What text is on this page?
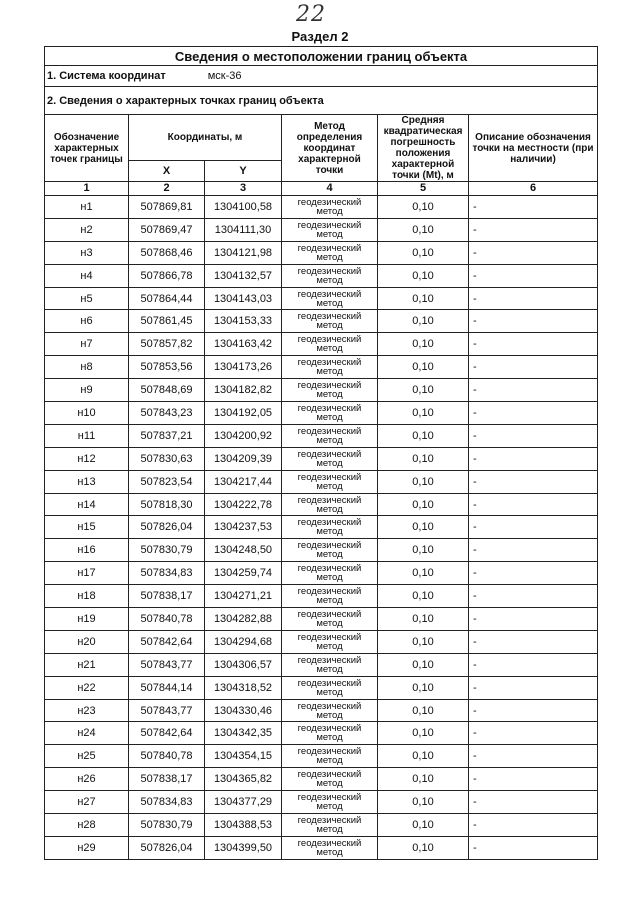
22
Раздел 2
Сведения о местоположении границ объекта					
1. Система координат мск-36					
2. Сведения о характерных точках границ объекта					
Обозначение характерных точек границы	Координаты, м		Метод определения координат характерной точки	Средняя квадратическая погрешность положения характерной точки (Mt), м	Описание обозначения точки на местности (при наличии)
	X	Y			
1	2	3	4	5	6
н1	507869,81	1304100,58	геодезический метод	0,10	-
н2	507869,47	1304111,30	геодезический метод	0,10	-
н3	507868,46	1304121,98	геодезический метод	0,10	-
н4	507866,78	1304132,57	геодезический метод	0,10	-
н5	507864,44	1304143,03	геодезический метод	0,10	-
н6	507861,45	1304153,33	геодезический метод	0,10	-
н7	507857,82	1304163,42	геодезический метод	0,10	-
н8	507853,56	1304173,26	геодезический метод	0,10	-
н9	507848,69	1304182,82	геодезический метод	0,10	-
н10	507843,23	1304192,05	геодезический метод	0,10	-
н11	507837,21	1304200,92	геодезический метод	0,10	-
н12	507830,63	1304209,39	геодезический метод	0,10	-
н13	507823,54	1304217,44	геодезический метод	0,10	-
н14	507818,30	1304222,78	геодезический метод	0,10	-
н15	507826,04	1304237,53	геодезический метод	0,10	-
н16	507830,79	1304248,50	геодезический метод	0,10	-
н17	507834,83	1304259,74	геодезический метод	0,10	-
н18	507838,17	1304271,21	геодезический метод	0,10	-
н19	507840,78	1304282,88	геодезический метод	0,10	-
н20	507842,64	1304294,68	геодезический метод	0,10	-
н21	507843,77	1304306,57	геодезический метод	0,10	-
н22	507844,14	1304318,52	геодезический метод	0,10	-
н23	507843,77	1304330,46	геодезический метод	0,10	-
н24	507842,64	1304342,35	геодезический метод	0,10	-
н25	507840,78	1304354,15	геодезический метод	0,10	-
н26	507838,17	1304365,82	геодезический метод	0,10	-
н27	507834,83	1304377,29	геодезический метод	0,10	-
н28	507830,79	1304388,53	геодезический метод	0,10	-
н29	507826,04	1304399,50	геодезический метод	0,10	-
